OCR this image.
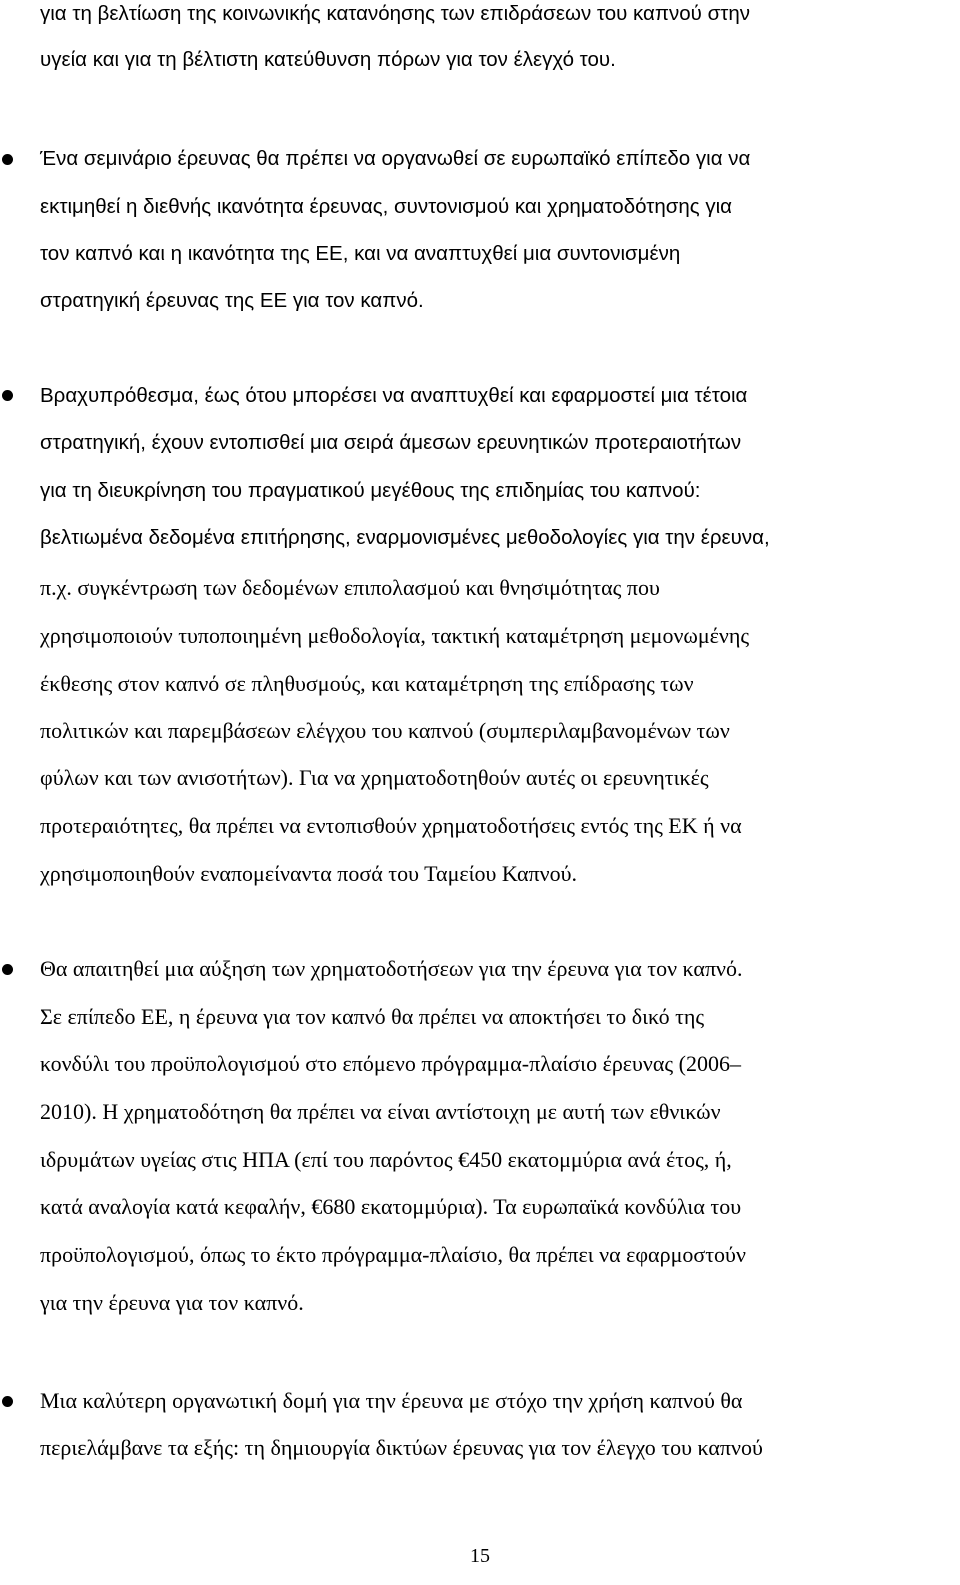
για τη βελτίωση της κοινωνικής κατανόησης των επιδράσεων του καπνού στην
υγεία και για τη βέλτιστη κατεύθυνση πόρων για τον έλεγχό του.
Ένα σεμινάριο έρευνας θα πρέπει να οργανωθεί σε ευρωπαϊκό επίπεδο για να
εκτιμηθεί η διεθνής ικανότητα έρευνας, συντονισμού και χρηματοδότησης για
τον καπνό και η ικανότητα της ΕΕ, και να αναπτυχθεί μια συντονισμένη
στρατηγική έρευνας της ΕΕ για τον καπνό.
Βραχυπρόθεσμα, έως ότου μπορέσει να αναπτυχθεί και εφαρμοστεί μια τέτοια
στρατηγική, έχουν εντοπισθεί μια σειρά άμεσων ερευνητικών προτεραιοτήτων
για τη διευκρίνηση του πραγματικού μεγέθους της επιδημίας του καπνού:
βελτιωμένα δεδομένα επιτήρησης, εναρμονισμένες μεθοδολογίες για την έρευνα,
π.χ. συγκέντρωση των δεδομένων επιπολασμού και θνησιμότητας που
χρησιμοποιούν τυποποιημένη μεθοδολογία, τακτική καταμέτρηση μεμονωμένης
έκθεσης στον καπνό σε πληθυσμούς, και καταμέτρηση της επίδρασης των
πολιτικών και παρεμβάσεων ελέγχου του καπνού (συμπεριλαμβανομένων των
φύλων και των ανισοτήτων). Για να χρηματοδοτηθούν αυτές οι ερευνητικές
προτεραιότητες, θα πρέπει να εντοπισθούν χρηματοδοτήσεις εντός της ΕΚ ή να
χρησιμοποιηθούν εναπομείναντα ποσά του Ταμείου Καπνού.
Θα απαιτηθεί μια αύξηση των χρηματοδοτήσεων για την έρευνα για τον καπνό.
Σε επίπεδο ΕΕ, η έρευνα για τον καπνό θα πρέπει να αποκτήσει το δικό της
κονδύλι του προϋπολογισμού στο επόμενο πρόγραμμα-πλαίσιο έρευνας (2006–
2010). Η χρηματοδότηση θα πρέπει να είναι αντίστοιχη με αυτή των εθνικών
ιδρυμάτων υγείας στις ΗΠΑ (επί του παρόντος €450 εκατομμύρια ανά έτος, ή,
κατά αναλογία κατά κεφαλήν, €680 εκατομμύρια). Τα ευρωπαϊκά κονδύλια του
προϋπολογισμού, όπως το έκτο πρόγραμμα-πλαίσιο, θα πρέπει να εφαρμοστούν
για την έρευνα για τον καπνό.
Μια καλύτερη οργανωτική δομή για την έρευνα με στόχο την χρήση καπνού θα
περιελάμβανε τα εξής: τη δημιουργία δικτύων έρευνας για τον έλεγχο του καπνού
15
